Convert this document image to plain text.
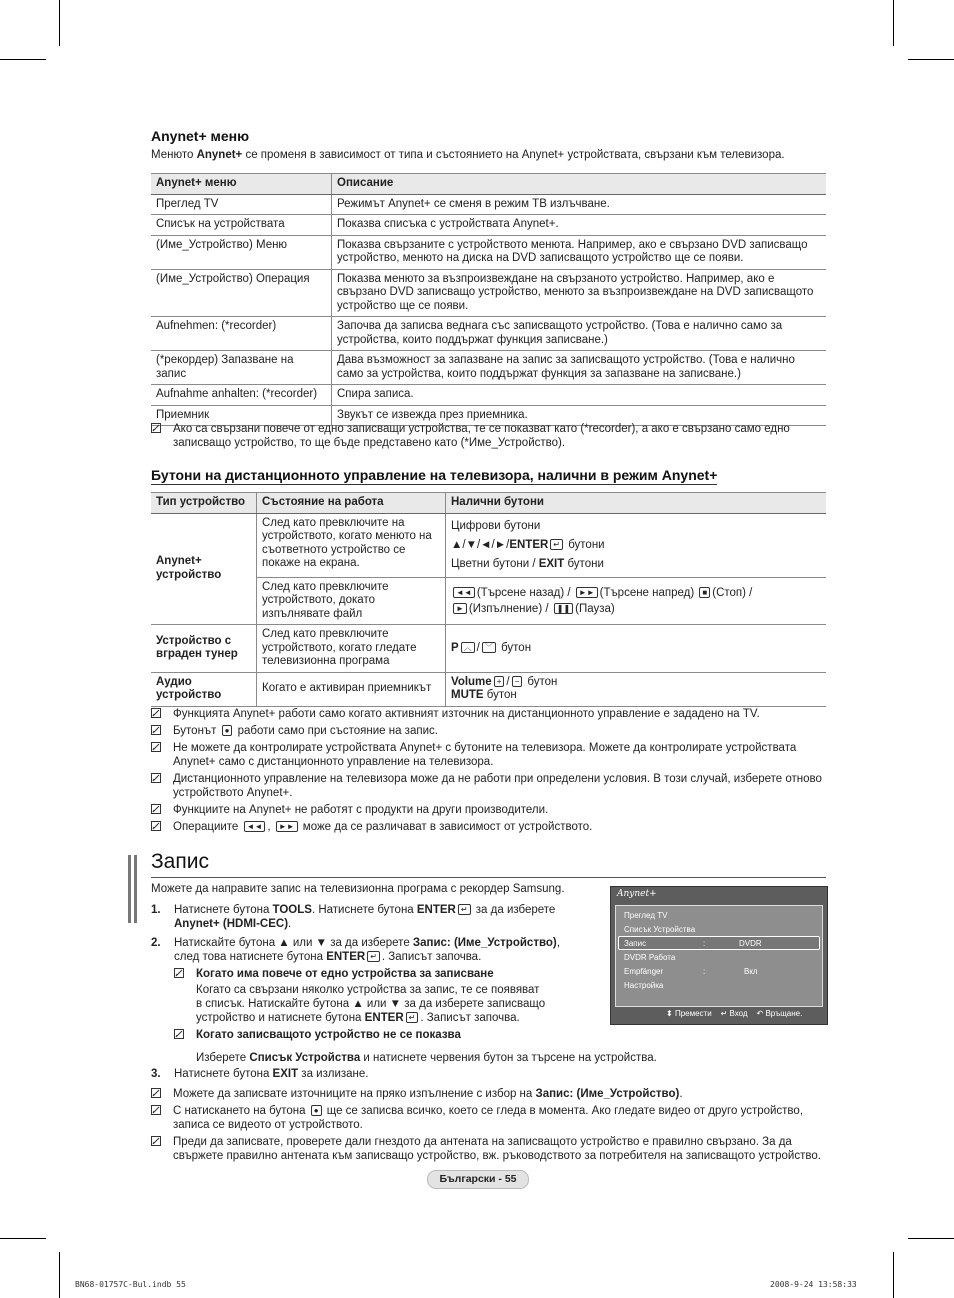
Anynet+ меню
Менюто Anynet+ се променя в зависимост от типа и състоянието на Anynet+ устройствата, свързани към телевизора.
Anynet+ меню	Описание
Преглед TV	Режимът Anynet+ се сменя в режим ТВ излъчване.
Списък на устройствата	Показва списъка с устройствата Anynet+.
(Име_Устройство) Меню	Показва свързаните с устройството менюта. Например, ако е свързано DVD записващо устройство, менюто на диска на DVD записващото устройство ще се появи.
(Име_Устройство) Операция	Показва менюто за възпроизвеждане на свързаното устройство. Например, ако е свързано DVD записващо устройство, менюто за възпроизвеждане на DVD записващото устройство ще се появи.
Aufnehmen: (*recorder)	Започва да записва веднага със записващото устройство. (Това е налично само за устройства, които поддържат функция записване.)
(*рекордер) Запазване на запис	Дава възможност за запазване на запис за записващото устройство. (Това е налично само за устройства, които поддържат функция за запазване на записване.)
Aufnahme anhalten: (*recorder)	Спира записа.
Приемник	Звукът се извежда през приемника.
Ако са свързани повече от едно записващи устройства, те се показват като (*recorder), а ако е свързано само едно записващо устройство, то ще бъде представено като (*Име_Устройство).
Бутони на дистанционното управление на телевизора, налични в режим Anynet+
Тип устройство	Състояние на работа	Налични бутони
Anynet+ устройство	След като превключите на устройството, когато менюто на съответното устройство се покаже на екрана.	Цифрови бутони
▲/▼/◄/►/ENTER ↵ бутони
Цветни бутони / EXIT бутони

	След като превключите устройството, докато изпълнявате файл	◄◄ (Търсене назад) / ►► (Търсене напред) ■ (Стоп) /
► (Изпълнение) / ❚❚ (Пауза)
Устройство с вграден тунер	След като превключите устройството, когато гледате телевизионна програма	P ︿ / ﹀ бутон
Аудио устройство	Когато е активиран приемникът	Volume + / − бутон
MUTE бутон
Функцията Anynet+ работи само когато активният източник на дистанционното управление е зададено на TV.
Бутонът ● работи само при състояние на запис.
Не можете да контролирате устройствата Anynet+ с бутоните на телевизора. Можете да контролирате устройствата Anynet+ само с дистанционното управление на телевизора.
Дистанционното управление на телевизора може да не работи при определени условия. В този случай, изберете отново устройството Anynet+.
Функциите на Anynet+ не работят с продукти на други производители.
Операциите ◄◄ , ►► може да се различават в зависимост от устройството.
Запис
Можете да направите запис на телевизионна програма с рекордер Samsung.
1. Натиснете бутона TOOLS. Натиснете бутона ENTER ↵ за да изберете
Anynet+ (HDMI-CEC).
2. Натискайте бутона ▲ или ▼ за да изберете Запис: (Име_Устройство),
след това натиснете бутона ENTER ↵ . Записът започва.
Когато има повече от едно устройства за записване
Когато са свързани няколко устройства за запис, те се появяват
в списък. Натискайте бутона ▲ или ▼ за да изберете записващо
устройство и натиснете бутона ENTER ↵ . Записът започва.
Когато записващото устройство не се показва
Изберете Списък Устройства и натиснете червения бутон за търсене на устройства.
3. Натиснете бутона EXIT за излизане.
Можете да записвате източниците на пряко изпълнение с избор на Запис: (Име_Устройство).
С натискането на бутона ● ще се записва всичко, което се гледа в момента. Ако гледате видео от друго устройство, записа се видеото от устройството.
Преди да записвате, проверете дали гнездото да антената на записващото устройство е правилно свързано. За да свържете правилно антената към записващо устройство, вж. ръководството за потребителя на записващото устройство.
Anynet+
Преглед TV
Списък Устройства
Запис	:	DVDR
DVDR Работа
Empfänger	:	Вкл
Настройка
⬍ Премести ↵ Вход ↶ Връщане.
Български - 55
BN68-01757C-Bul.indb 55	2008-9-24 13:58:33
